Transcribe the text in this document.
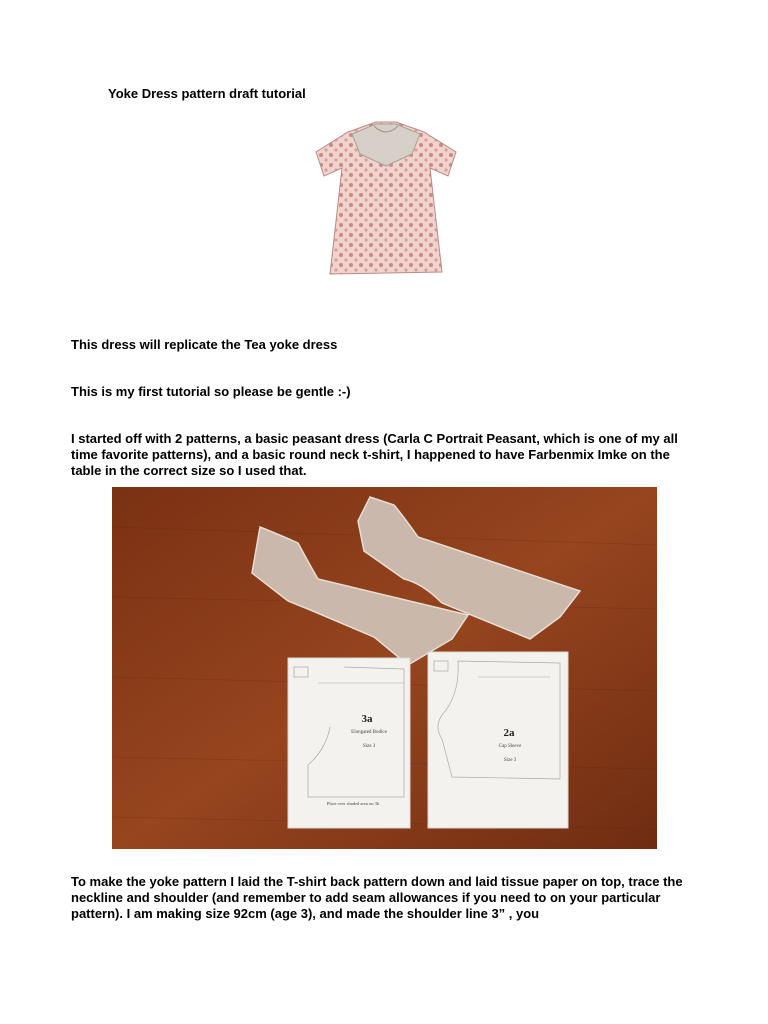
Yoke Dress pattern draft tutorial
This dress will replicate the Tea yoke dress
This is my first tutorial so please be gentle :-)
I started off with 2 patterns, a basic peasant dress (Carla C Portrait Peasant, which is one of my all time favorite patterns), and a basic round neck t-shirt, I happened to have Farbenmix Imke on the table in the correct size so I used that.
3a
Elongated Bodice
Size 3
Place over shaded area on 3b
2a
Cap Sleeve
Size 3
To make the yoke pattern I laid the T-shirt back pattern down and laid tissue paper on top, trace the neckline and shoulder (and remember to add seam allowances if you need to on your particular pattern). I am making size 92cm (age 3), and made the shoulder line 3” , you
